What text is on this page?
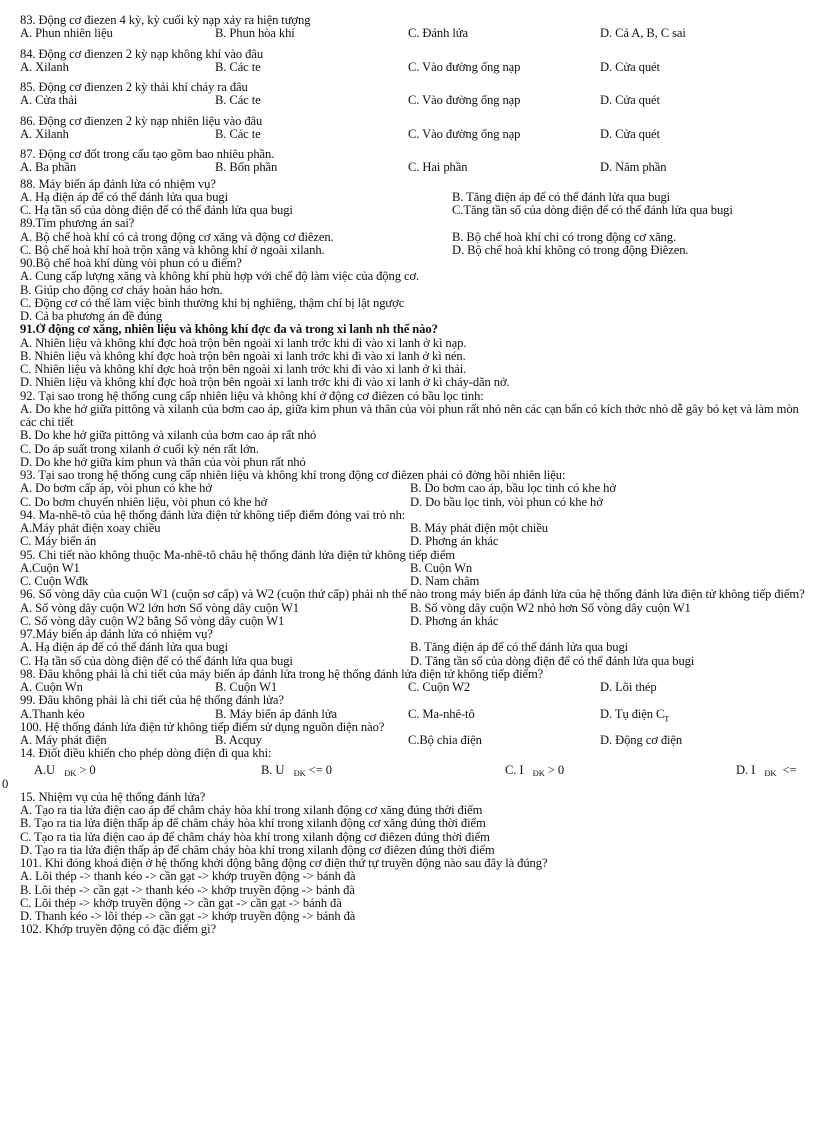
83. Động cơ điezen 4 kỳ, kỳ cuối kỳ nạp xảy ra hiện tượng
A. Phun nhiên liệu	B. Phun hòa khí	C. Đánh lửa	D. Cả A, B, C sai
84. Động cơ đienzen 2 kỳ nạp không khí vào đâu
A. Xilanh	B. Các te	C. Vào đường ống nạp	D. Cửa quét
85. Động cơ đienzen 2 kỳ thải khí cháy ra đâu
A. Cửa thải	B. Các te	C. Vào đường ống nạp	D. Cửa quét
86. Động cơ đienzen 2 kỳ nạp nhiên liệu vào đâu
A. Xilanh	B. Các te	C. Vào đường ống nạp	D. Cửa quét
87. Động cơ đốt trong cấu tạo gồm bao nhiêu phần.
A. Ba phần	B. Bốn phần	C. Hai phần	D. Năm phần
88. Máy biến áp đánh lửa có nhiệm vụ?
A. Hạ điện áp để có thể đánh lửa qua bugi	B. Tăng điện áp để có thể đánh lửa qua bugi
C. Hạ tần số của dòng điện để có thể đánh lửa qua bugi	C.Tăng tần số của dòng điện để có thể đánh lửa qua bugi
89.Tìm phương án sai?
A. Bộ chế hoà khí có cả trong động cơ xăng và động cơ điêzen.	B. Bộ chế hoà khí chỉ có trong động cơ xăng.
C. Bộ chế hoà khí hoà trộn xăng và không khí ở ngoài xilanh.	D. Bộ chế hoà khí không có trong động Điêzen.
90.Bộ chế hoà khí dùng vòi phun có u điểm?
A. Cung cấp lượng xăng và không khí phù hợp với chế độ làm việc của động cơ.
B. Giúp cho động cơ cháy hoàn hảo hơn.
C. Động cơ có thể làm việc bình thường khi bị nghiêng, thậm chí bị lật ngược
D. Cả ba phương án đề đúng
91.Ở động cơ xăng, nhiên liệu và không khí đợc đa và trong xi lanh nh thế nào?
A. Nhiên liệu và không khí đợc hoà trộn bên ngoài xi lanh trớc khi đi vào xi lanh ở kì nạp.
B. Nhiên liệu và không khí đợc hoà trộn bên ngoài xi lanh trớc khi đi vào xi lanh ở kì nén.
C. Nhiên liệu và không khí đợc hoà trộn bên ngoài xi lanh trớc khi đi vào xi lanh ở kì thải.
D. Nhiên liệu và không khí đợc hoà trộn bên ngoài xi lanh trớc khi đi vào xi lanh ở kì cháy-dãn nở.
92. Tại sao trong hệ thống cung cấp nhiên liệu và không khí ở động cơ điêzen có bầu lọc tinh:
A. Do khe hở giữa pittông và xilanh của bơm cao áp, giữa kim phun và thân của vòi phun rất nhỏ nên các cạn bẩn có kích thớc nhỏ dễ gây bó kẹt và làm mòn các chi tiết
B. Do khe hở giữa pittông và xilanh của bơm cao áp rất nhỏ
C. Do áp suất trong xilanh ở cuối kỳ nén rất lớn.
D. Do khe hở giữa kim phun và thân của vòi phun rất nhỏ
93. Tại sao trong hệ thống cung cấp nhiên liệu và không khí trong động cơ điêzen phải có đờng hồi nhiên liệu:
A. Do bơm cấp áp, vòi phun có khe hở	B. Do bơm cao áp, bầu lọc tinh có khe hở
C. Do bơm chuyển nhiên liệu, vòi phun có khe hở	D. Do bầu lọc tinh, vòi phun có khe hở
94. Ma-nhê-tô của hệ thống đánh lửa điện tử không tiếp điểm đóng vai trò nh:
A.Máy phát điện xoay chiều	B. Máy phát điện một chiều
C. Máy biến án	D. Phơng án khác
95. Chi tiết nào không thuộc Ma-nhê-tô châu hệ thống đánh lửa điện tử không tiếp điểm
A.Cuộn W1	B. Cuộn Wn
C. Cuộn Wđk	D. Nam châm
96. Số vòng dây của cuộn W1 (cuộn sơ cấp) và W2 (cuộn thứ cấp) phải nh thế nào trong máy biến áp đánh lửa của hệ thống đánh lửa điện tử không tiếp điểm?
A. Số vòng dây cuộn W2 lớn hơn Số vòng dây cuộn W1	B. Số vòng dây cuộn W2 nhỏ hơn Số vòng dây cuộn W1
C. Số vòng dây cuộn W2 bằng Số vòng dây cuộn W1	D. Phơng án khác
97.Máy biến áp đánh lửa có nhiệm vụ?
A. Hạ điện áp để có thể đánh lửa qua bugi	B. Tăng điện áp để có thể đánh lửa qua bugi
C. Hạ tần số của dòng điện để có thể đánh lửa qua bugi	D. Tăng tần số của dòng điện để có thể đánh lửa qua bugi
98. Đâu không phải là chi tiết của máy biến áp đánh lửa trong hệ thống đánh lửa điện tử không tiếp điểm?
A. Cuộn Wn	B. Cuộn W1	C. Cuộn W2	D. Lõi thép
99. Đâu không phải là chi tiết của hệ thống đánh lửa?
A.Thanh kéo	B. Máy biến áp đánh lửa	C. Ma-nhê-tô	D. Tụ điện $C_T$
100. Hệ thống đánh lửa điện tử không tiếp điểm sử dụng nguồn điện nào?
A. Máy phát điện	B. Acquy	C.Bộ chia điện	D. Động cơ điện
14. Điốt điều khiển cho phép dòng điện đi qua khi:
A.U ĐK > 0	B. U ĐK <= 0	C. I ĐK > 0	D. I ĐK <=
0
15. Nhiệm vụ của hệ thống đánh lửa?
A. Tạo ra tia lửa điện cao áp để châm cháy hòa khí trong xilanh động cơ xăng đúng thời điểm
B. Tạo ra tia lửa điện thấp áp để châm cháy hòa khí trong xilanh động cơ xăng đúng thời điểm
C. Tạo ra tia lửa điện cao áp để châm cháy hòa khí trong xilanh động cơ điêzen đúng thời điểm
D. Tạo ra tia lửa điện thấp áp để châm cháy hòa khí trong xilanh động cơ điêzen đúng thời điểm
101. Khi đóng khoá điện ở hệ thống khởi động bằng động cơ điện thứ tự truyền động nào sau đây là đúng?
A. Lõi thép -> thanh kéo -> cần gạt -> khớp truyền động -> bánh đà
B. Lõi thép -> cần gạt -> thanh kéo -> khớp truyền động -> bánh đà
C. Lõi thép -> khớp truyền động -> cần gạt -> cần gạt -> bánh đà
D. Thanh kéo -> lõi thép -> cần gạt -> khớp truyền động -> bánh đà
102. Khớp truyền động có đặc điểm gì?
